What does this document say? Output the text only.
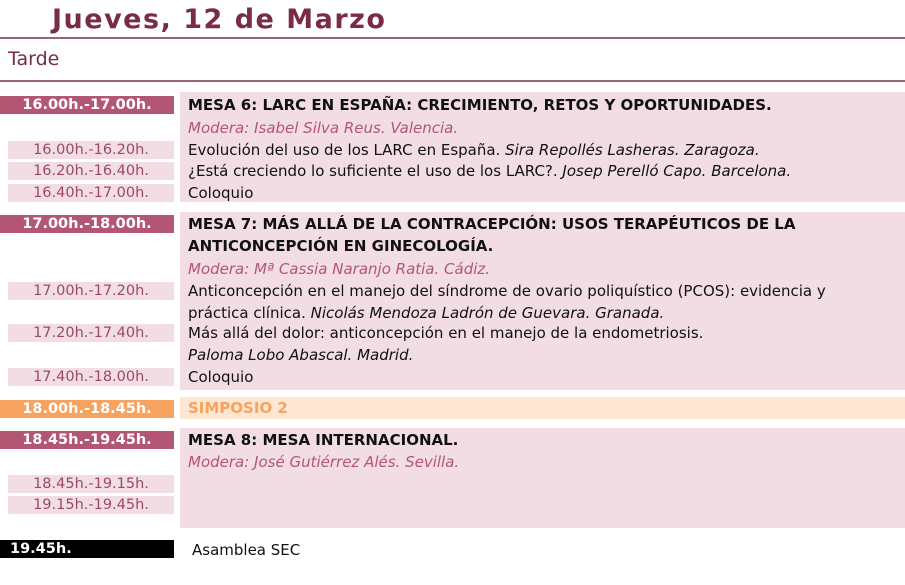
Jueves, 12 de Marzo
Tarde
16.00h.-17.00h.	MESA 6: LARC EN ESPAÑA: CRECIMIENTO, RETOS Y OPORTUNIDADES.
Modera: Isabel Silva Reus. Valencia.
16.00h.-16.20h.	Evolución del uso de los LARC en España. Sira Repollés Lasheras. Zaragoza.
16.20h.-16.40h.	¿Está creciendo lo suficiente el uso de los LARC?. Josep Perelló Capo. Barcelona.
16.40h.-17.00h.	Coloquio
17.00h.-18.00h.	MESA 7: MÁS ALLÁ DE LA CONTRACEPCIÓN: USOS TERAPÉUTICOS DE LA
ANTICONCEPCIÓN EN GINECOLOGÍA.
Modera: Mª Cassia Naranjo Ratia. Cádiz.
17.00h.-17.20h.	Anticoncepción en el manejo del síndrome de ovario poliquístico (PCOS): evidencia y
práctica clínica. Nicolás Mendoza Ladrón de Guevara. Granada.
17.20h.-17.40h.	Más allá del dolor: anticoncepción en el manejo de la endometriosis.
Paloma Lobo Abascal. Madrid.
17.40h.-18.00h.	Coloquio
18.00h.-18.45h.	SIMPOSIO 2
18.45h.-19.45h.	MESA 8: MESA INTERNACIONAL.
Modera: José Gutiérrez Alés. Sevilla.
18.45h.-19.15h.
19.15h.-19.45h.
19.45h.	Asamblea SEC
